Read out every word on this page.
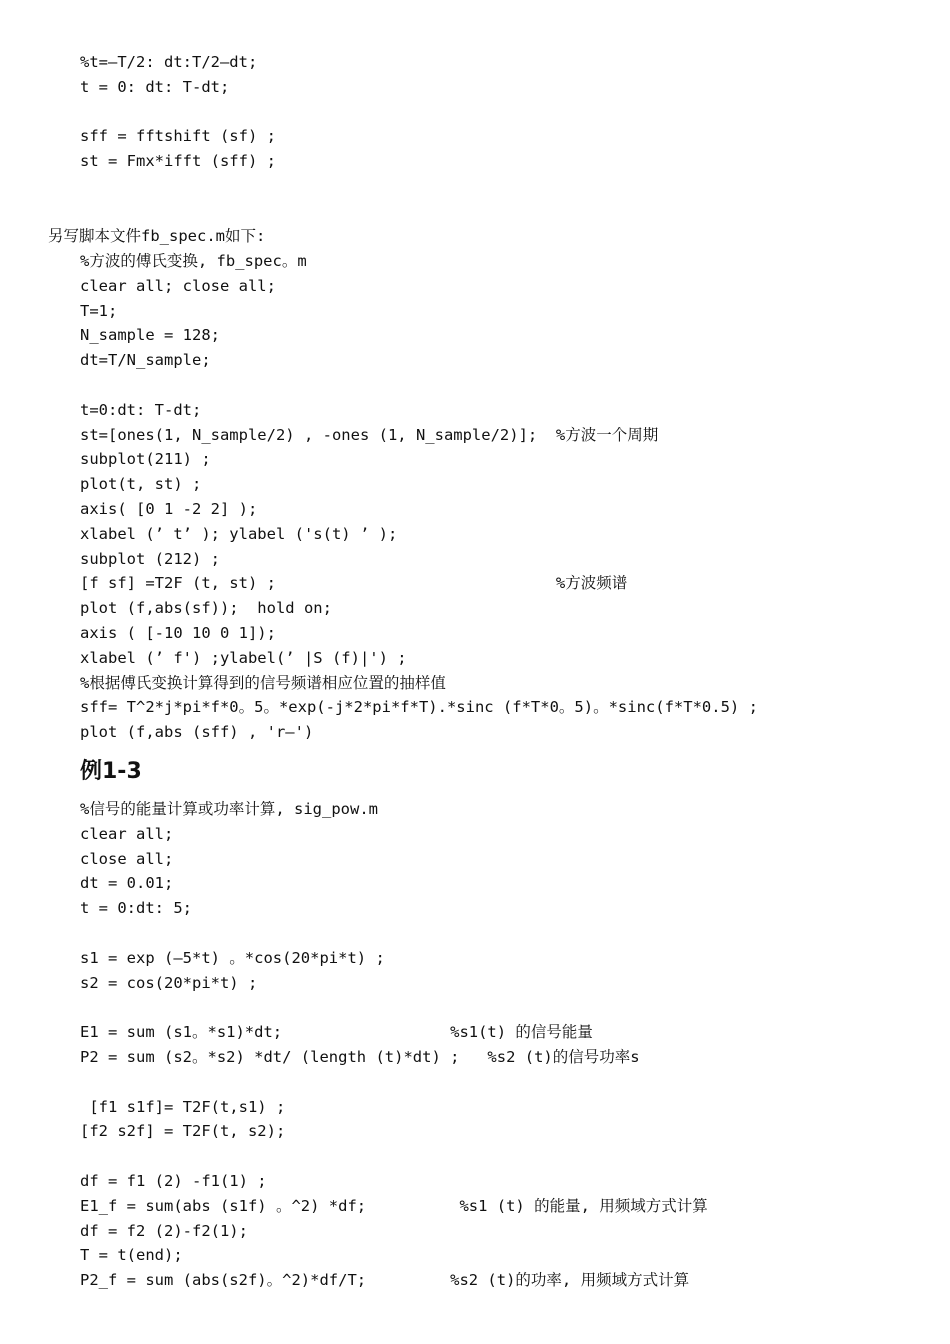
%t=—T/2: dt:T/2—dt;
t = 0: dt: T-dt;
sff = fftshift (sf) ;
st = Fmx*ifft (sff) ;
另写脚本文件fb_spec.m如下:
%方波的傅氏变换, fb_spec。m
clear all; close all;
T=1;
N_sample = 128;
dt=T/N_sample;
t=0:dt: T-dt;
st=[ones(1, N_sample/2) , -ones (1, N_sample/2)];  %方波一个周期
subplot(211) ;
plot(t, st) ;
axis( [0 1 -2 2] );
xlabel (’ t’ ); ylabel ('s(t) ’ );
subplot (212) ;
[f sf] =T2F (t, st) ;                              %方波频谱
plot (f,abs(sf));  hold on;
axis ( [-10 10 0 1]);
xlabel (’ f') ;ylabel(’ |S (f)|') ;
%根据傅氏变换计算得到的信号频谱相应位置的抽样值
sff= T^2*j*pi*f*0。5。*exp(-j*2*pi*f*T).*sinc (f*T*0。5)。*sinc(f*T*0.5) ;
plot (f,abs (sff) , 'r—')
例1-3
%信号的能量计算或功率计算, sig_pow.m
clear all;
close all;
dt = 0.01;
t = 0:dt: 5;
s1 = exp (—5*t) 。*cos(20*pi*t) ;
s2 = cos(20*pi*t) ;
E1 = sum (s1。*s1)*dt;                  %s1(t) 的信号能量
P2 = sum (s2。*s2) *dt/ (length (t)*dt) ;   %s2 (t)的信号功率s
[f1 s1f]= T2F(t,s1) ;
[f2 s2f] = T2F(t, s2);
df = f1 (2) -f1(1) ;
E1_f = sum(abs (s1f) 。^2) *df;          %s1 (t) 的能量, 用频域方式计算
df = f2 (2)-f2(1);
T = t(end);
P2_f = sum (abs(s2f)。^2)*df/T;         %s2 (t)的功率, 用频域方式计算
